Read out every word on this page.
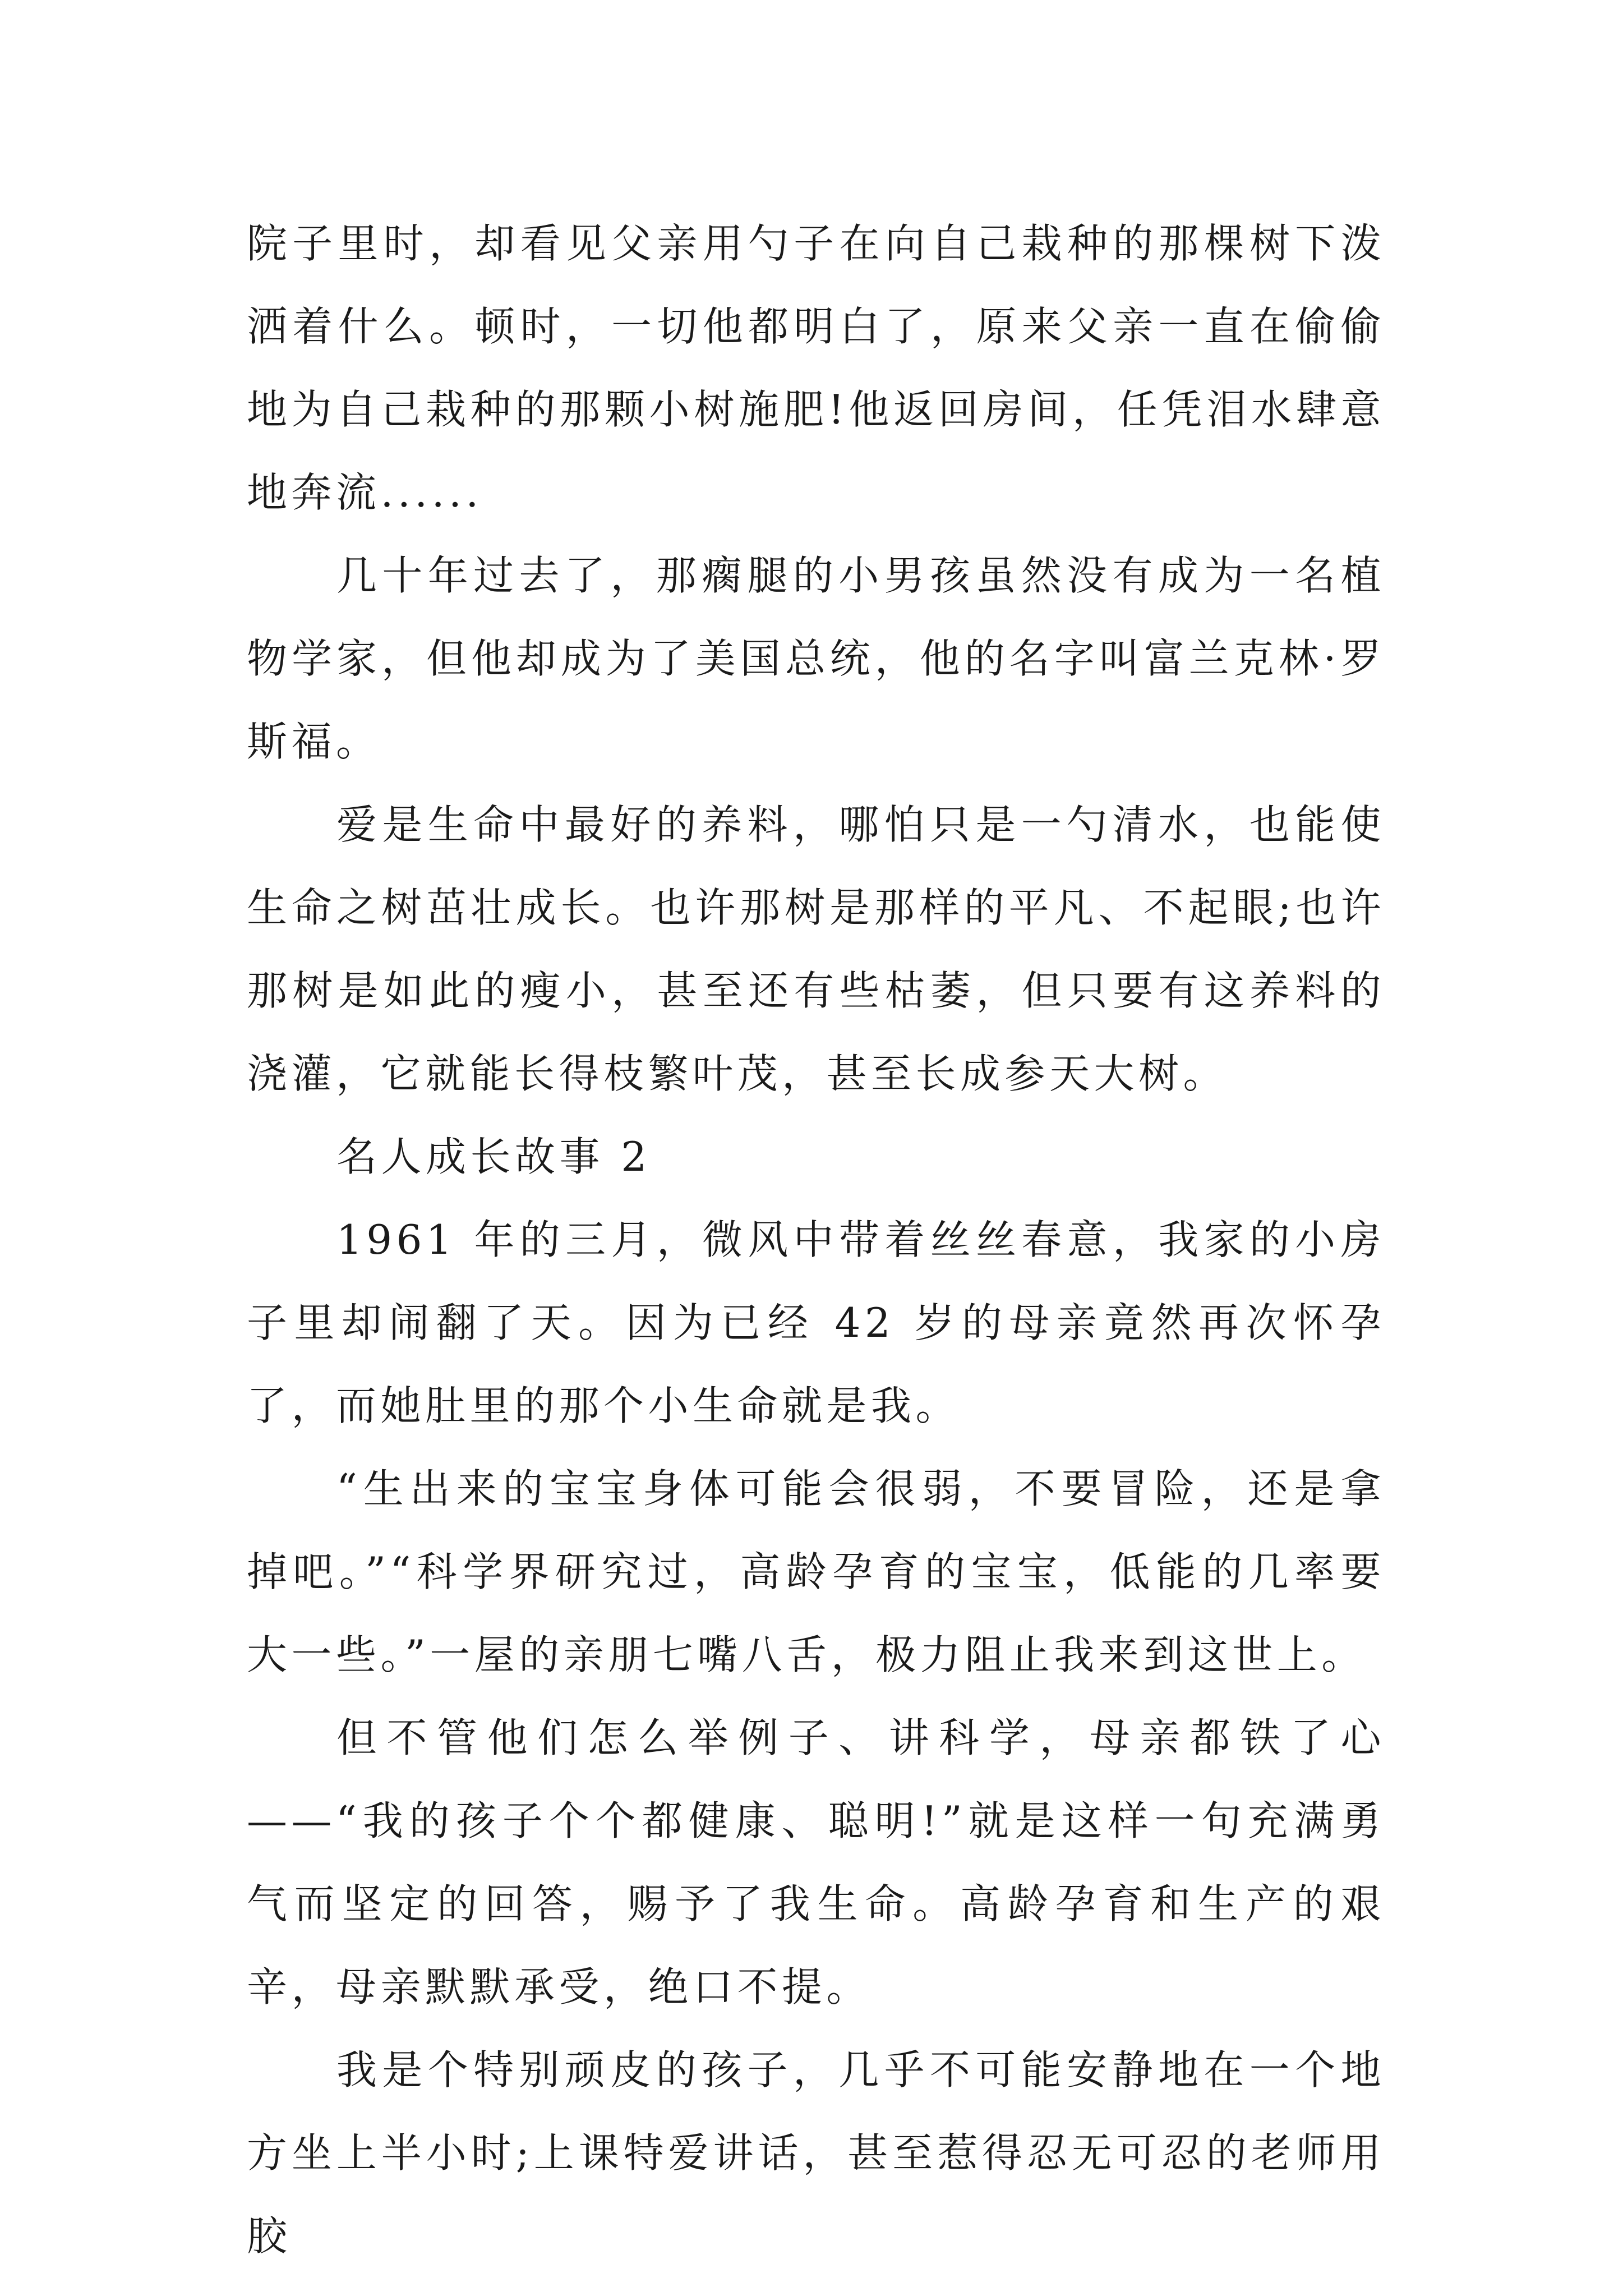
院子里时，却看见父亲用勺子在向自己栽种的那棵树下泼洒着什么。顿时，一切他都明白了，原来父亲一直在偷偷地为自己栽种的那颗小树施肥!他返回房间，任凭泪水肆意地奔流......

几十年过去了，那瘸腿的小男孩虽然没有成为一名植物学家，但他却成为了美国总统，他的名字叫富兰克林·罗斯福。

爱是生命中最好的养料，哪怕只是一勺清水，也能使生命之树茁壮成长。也许那树是那样的平凡、不起眼;也许那树是如此的瘦小，甚至还有些枯萎，但只要有这养料的浇灌，它就能长得枝繁叶茂，甚至长成参天大树。

名人成长故事 2

1961 年的三月，微风中带着丝丝春意，我家的小房子里却闹翻了天。因为已经 42 岁的母亲竟然再次怀孕了，而她肚里的那个小生命就是我。

“生出来的宝宝身体可能会很弱，不要冒险，还是拿掉吧。”“科学界研究过，高龄孕育的宝宝，低能的几率要大一些。”一屋的亲朋七嘴八舌，极力阻止我来到这世上。

但不管他们怎么举例子、讲科学，母亲都铁了心——“我的孩子个个都健康、聪明!”就是这样一句充满勇气而坚定的回答，赐予了我生命。高龄孕育和生产的艰辛，母亲默默承受，绝口不提。

我是个特别顽皮的孩子，几乎不可能安静地在一个地方坐上半小时;上课特爱讲话，甚至惹得忍无可忍的老师用胶
